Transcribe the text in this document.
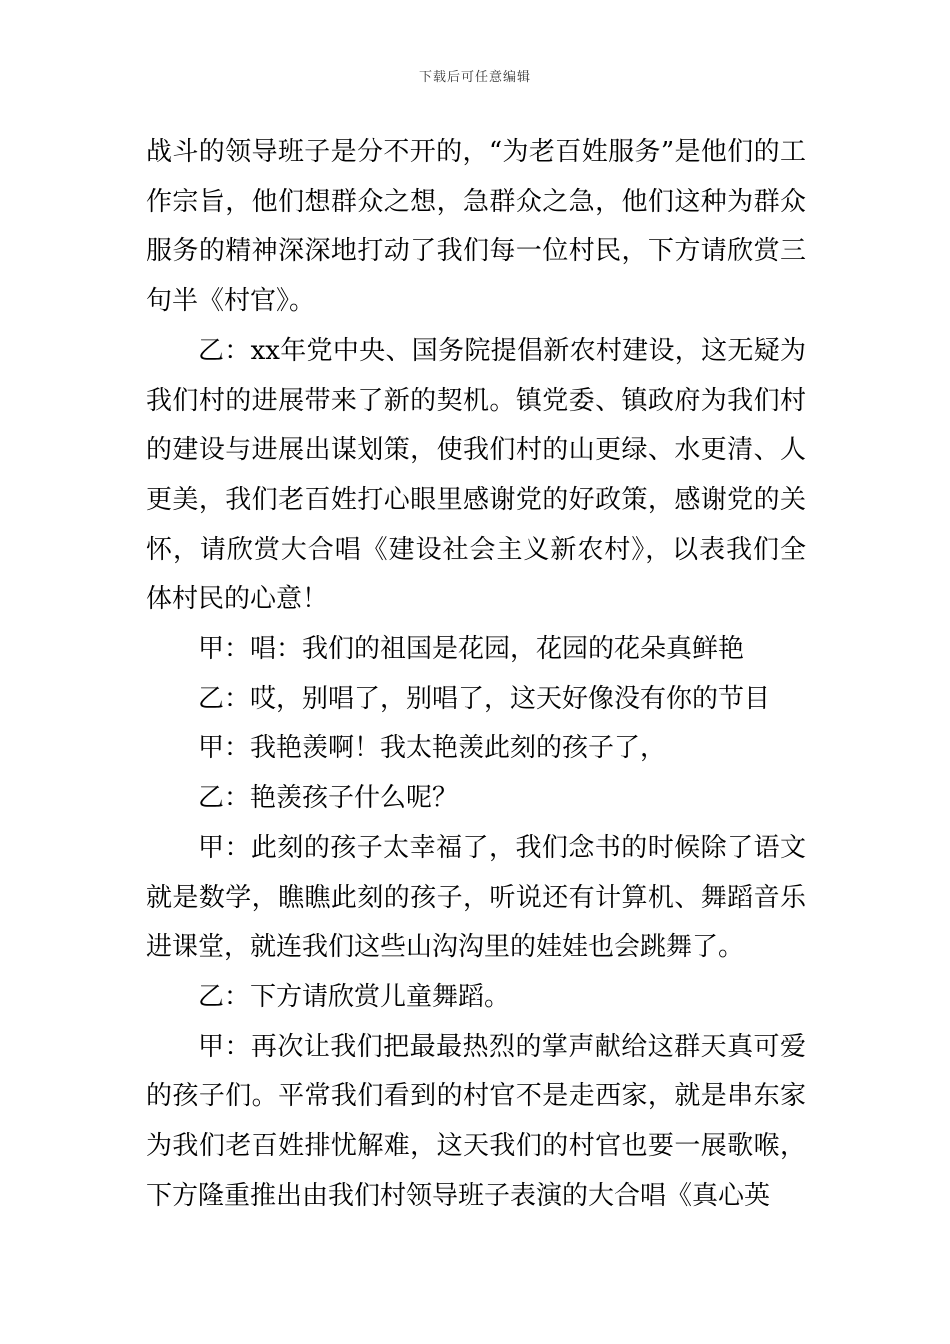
下载后可任意编辑

战斗的领导班子是分不开的，“为老百姓服务”是他们的工作宗旨，他们想群众之想，急群众之急，他们这种为群众服务的精神深深地打动了我们每一位村民，下方请欣赏三句半《村官》。

乙：xx年党中央、国务院提倡新农村建设，这无疑为我们村的进展带来了新的契机。镇党委、镇政府为我们村的建设与进展出谋划策，使我们村的山更绿、水更清、人更美，我们老百姓打心眼里感谢党的好政策，感谢党的关怀，请欣赏大合唱《建设社会主义新农村》，以表我们全体村民的心意！

甲：唱：我们的祖国是花园，花园的花朵真鲜艳

乙：哎，别唱了，别唱了，这天好像没有你的节目

甲：我艳羡啊！我太艳羡此刻的孩子了，

乙：艳羡孩子什么呢？

甲：此刻的孩子太幸福了，我们念书的时候除了语文就是数学，瞧瞧此刻的孩子，听说还有计算机、舞蹈音乐进课堂，就连我们这些山沟沟里的娃娃也会跳舞了。

乙：下方请欣赏儿童舞蹈。

甲：再次让我们把最最热烈的掌声献给这群天真可爱的孩子们。平常我们看到的村官不是走西家，就是串东家为我们老百姓排忧解难，这天我们的村官也要一展歌喉，下方隆重推出由我们村领导班子表演的大合唱《真心英
